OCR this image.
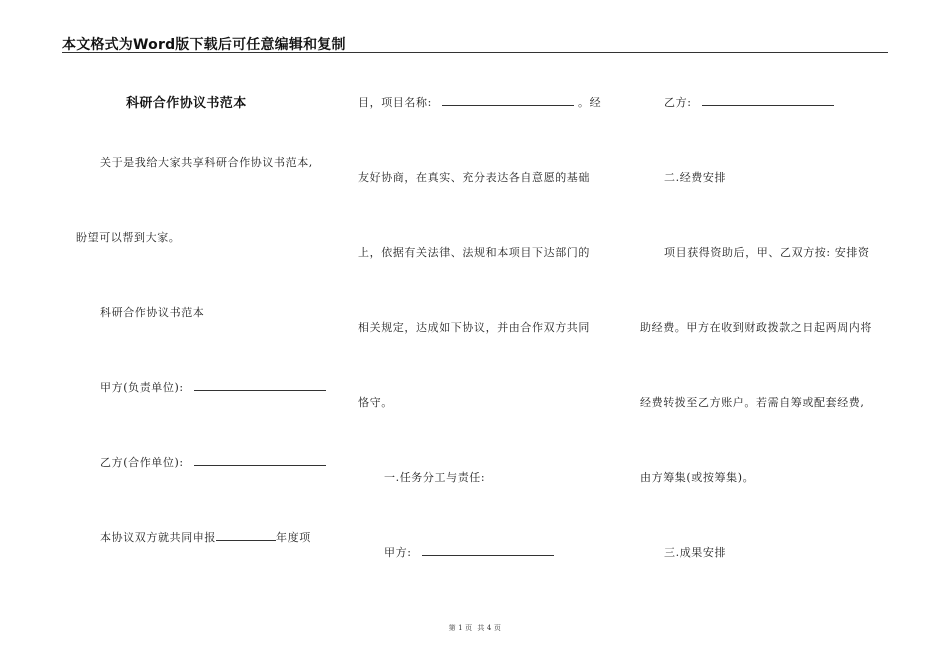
本文格式为Word版下载后可任意编辑和复制
科研合作协议书范本
关于是我给大家共享科研合作协议书范本,
盼望可以帮到大家。
科研合作协议书范本
甲方(负责单位):
乙方(合作单位):
本协议双方就共同申报	年度项
目，项目名称:	。经
友好协商，在真实、充分表达各自意愿的基础
上，依据有关法律、法规和本项目下达部门的
相关规定，达成如下协议，并由合作双方共同
恪守。
一.任务分工与责任:
甲方:
乙方:
二.经费安排
项目获得资助后，甲、乙双方按: 安排资
助经费。甲方在收到财政拨款之日起两周内将
经费转拨至乙方账户。若需自筹或配套经费,
由方筹集(或按筹集)。
三.成果安排
第 1 页 共 4 页
